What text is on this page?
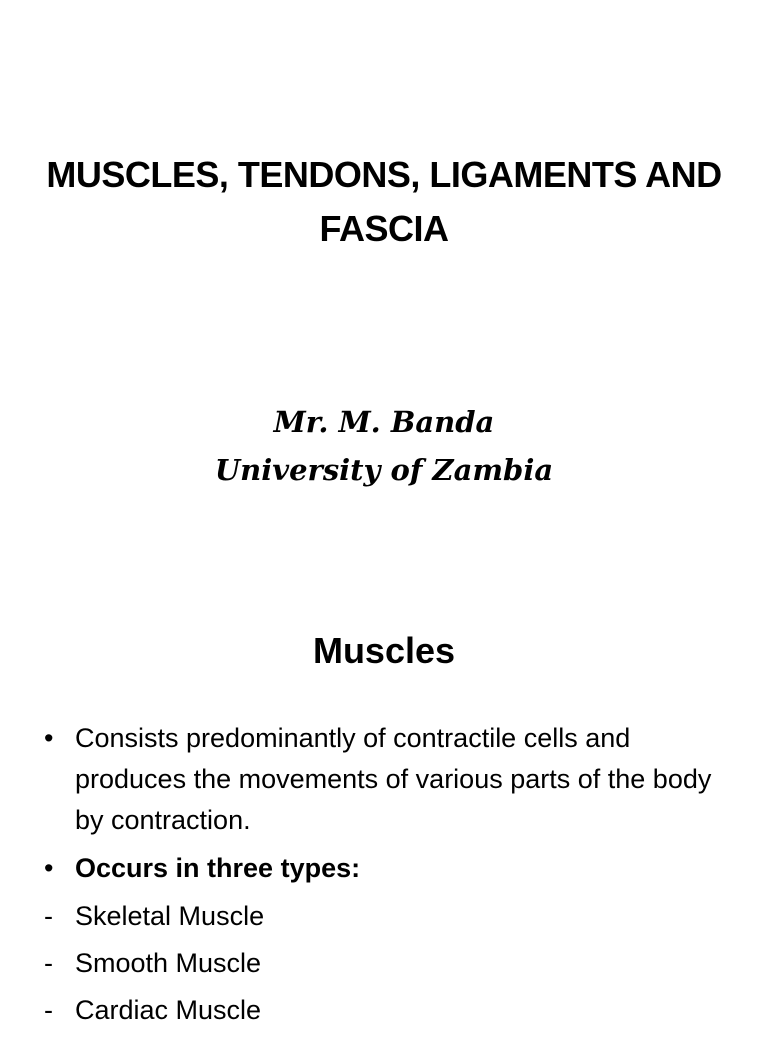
MUSCLES, TENDONS, LIGAMENTS AND FASCIA
Mr. M. Banda
University of Zambia
Muscles
• Consists predominantly of contractile cells and produces the movements of various parts of the body by contraction.
• Occurs in three types:
- Skeletal Muscle
- Smooth Muscle
- Cardiac Muscle
